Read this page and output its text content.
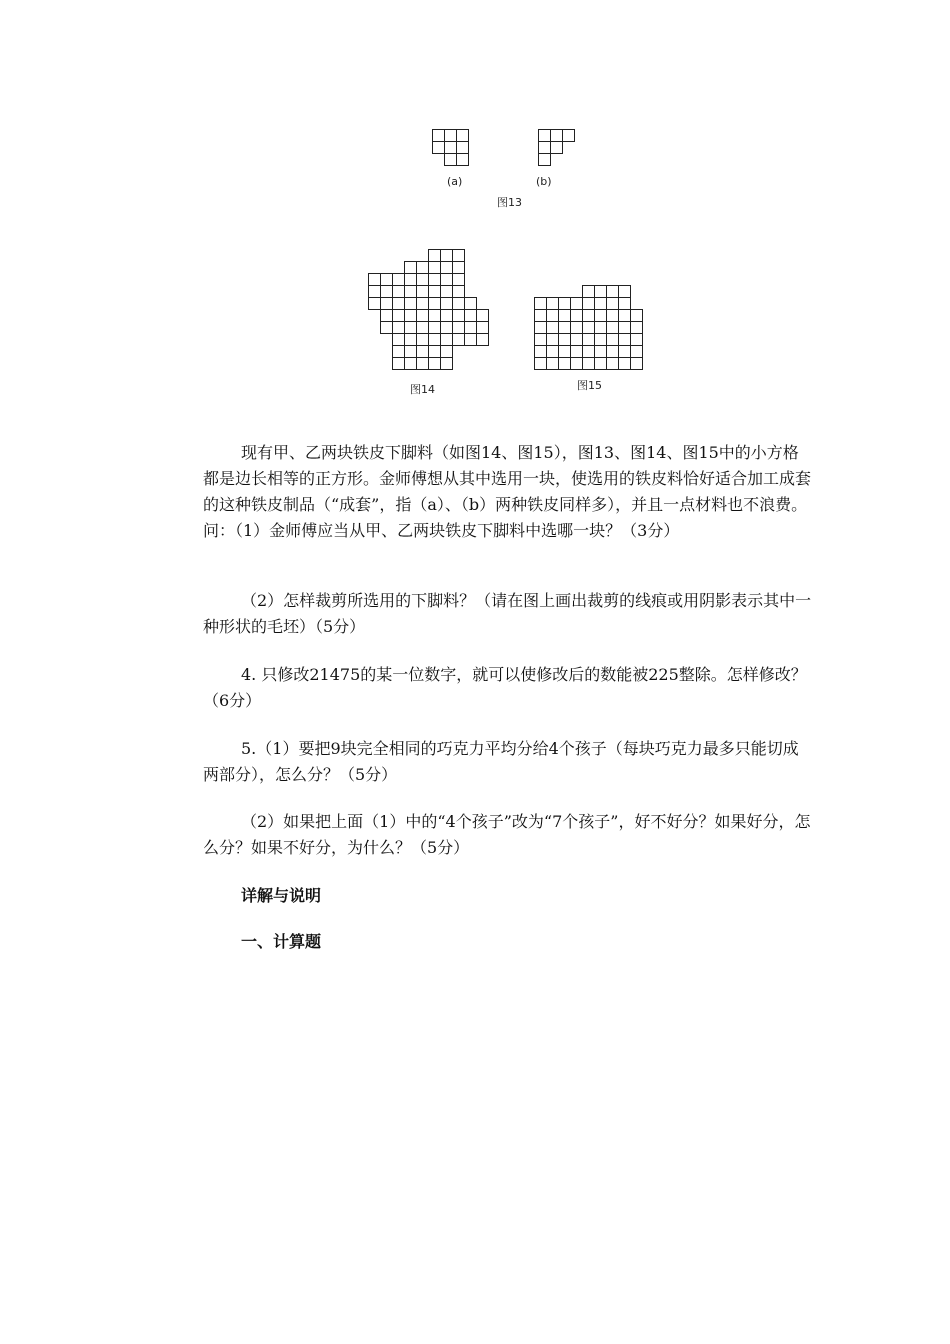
(a)	(b)
图13
图14	图15

现有甲、乙两块铁皮下脚料（如图14、图15），图13、图14、图15中的小方格都是边长相等的正方形。金师傅想从其中选用一块，使选用的铁皮料恰好适合加工成套的这种铁皮制品（“成套”，指（a）、（b）两种铁皮同样多），并且一点材料也不浪费。问：（1）金师傅应当从甲、乙两块铁皮下脚料中选哪一块？（3分）

（2）怎样裁剪所选用的下脚料？（请在图上画出裁剪的线痕或用阴影表示其中一种形状的毛坯）（5分）

4. 只修改21475的某一位数字，就可以使修改后的数能被225整除。怎样修改？（6分）

5.（1）要把9块完全相同的巧克力平均分给4个孩子（每块巧克力最多只能切成两部分），怎么分？（5分）

（2）如果把上面（1）中的“4个孩子”改为“7个孩子”，好不好分？如果好分，怎么分？如果不好分，为什么？（5分）

详解与说明

一、计算题
